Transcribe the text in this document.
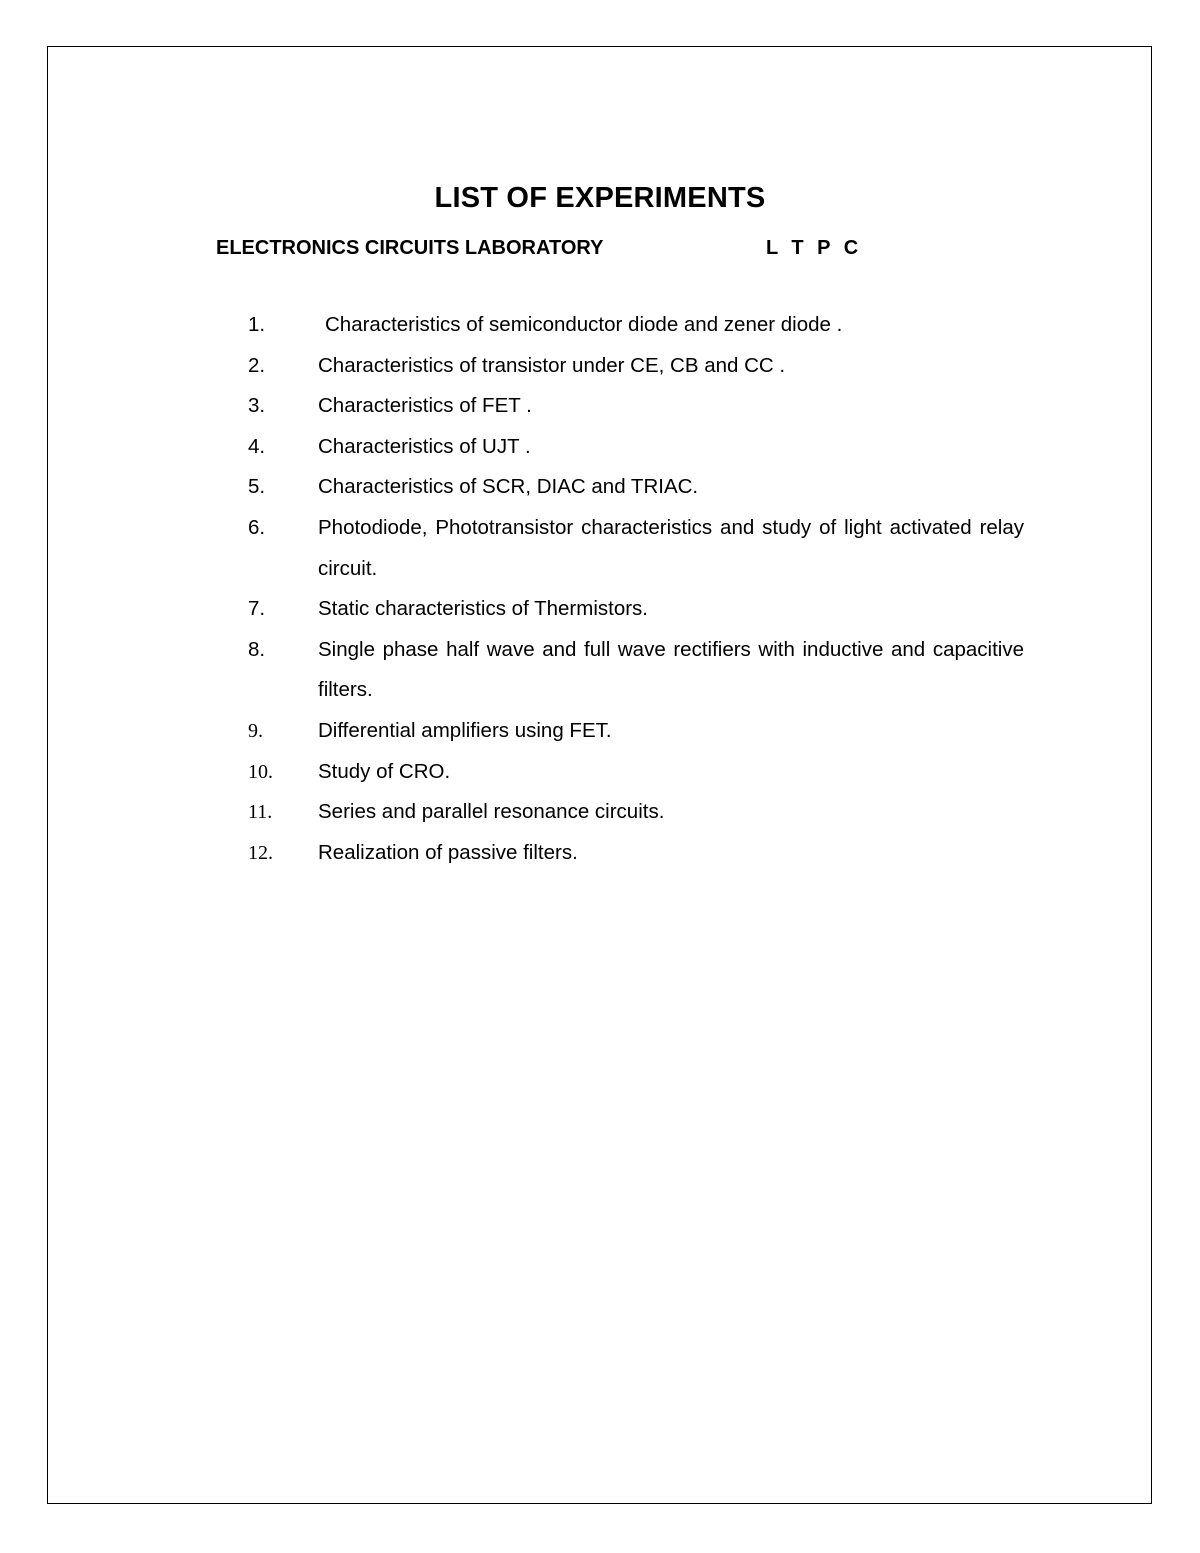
LIST OF EXPERIMENTS
ELECTRONICS CIRCUITS LABORATORY	L T P C
1.	Characteristics of semiconductor diode and zener diode .
2.	Characteristics of transistor under CE, CB and CC .
3.	Characteristics of FET .
4.	Characteristics of UJT .
5.	Characteristics of SCR, DIAC and TRIAC.
6.	Photodiode, Phototransistor characteristics and study of light activated relay circuit.
7.	Static characteristics of Thermistors.
8.	Single phase half wave and full wave rectifiers with inductive and capacitive filters.
9.	Differential amplifiers using FET.
10. Study of CRO.
11. Series and parallel resonance circuits.
12. Realization of passive filters.
